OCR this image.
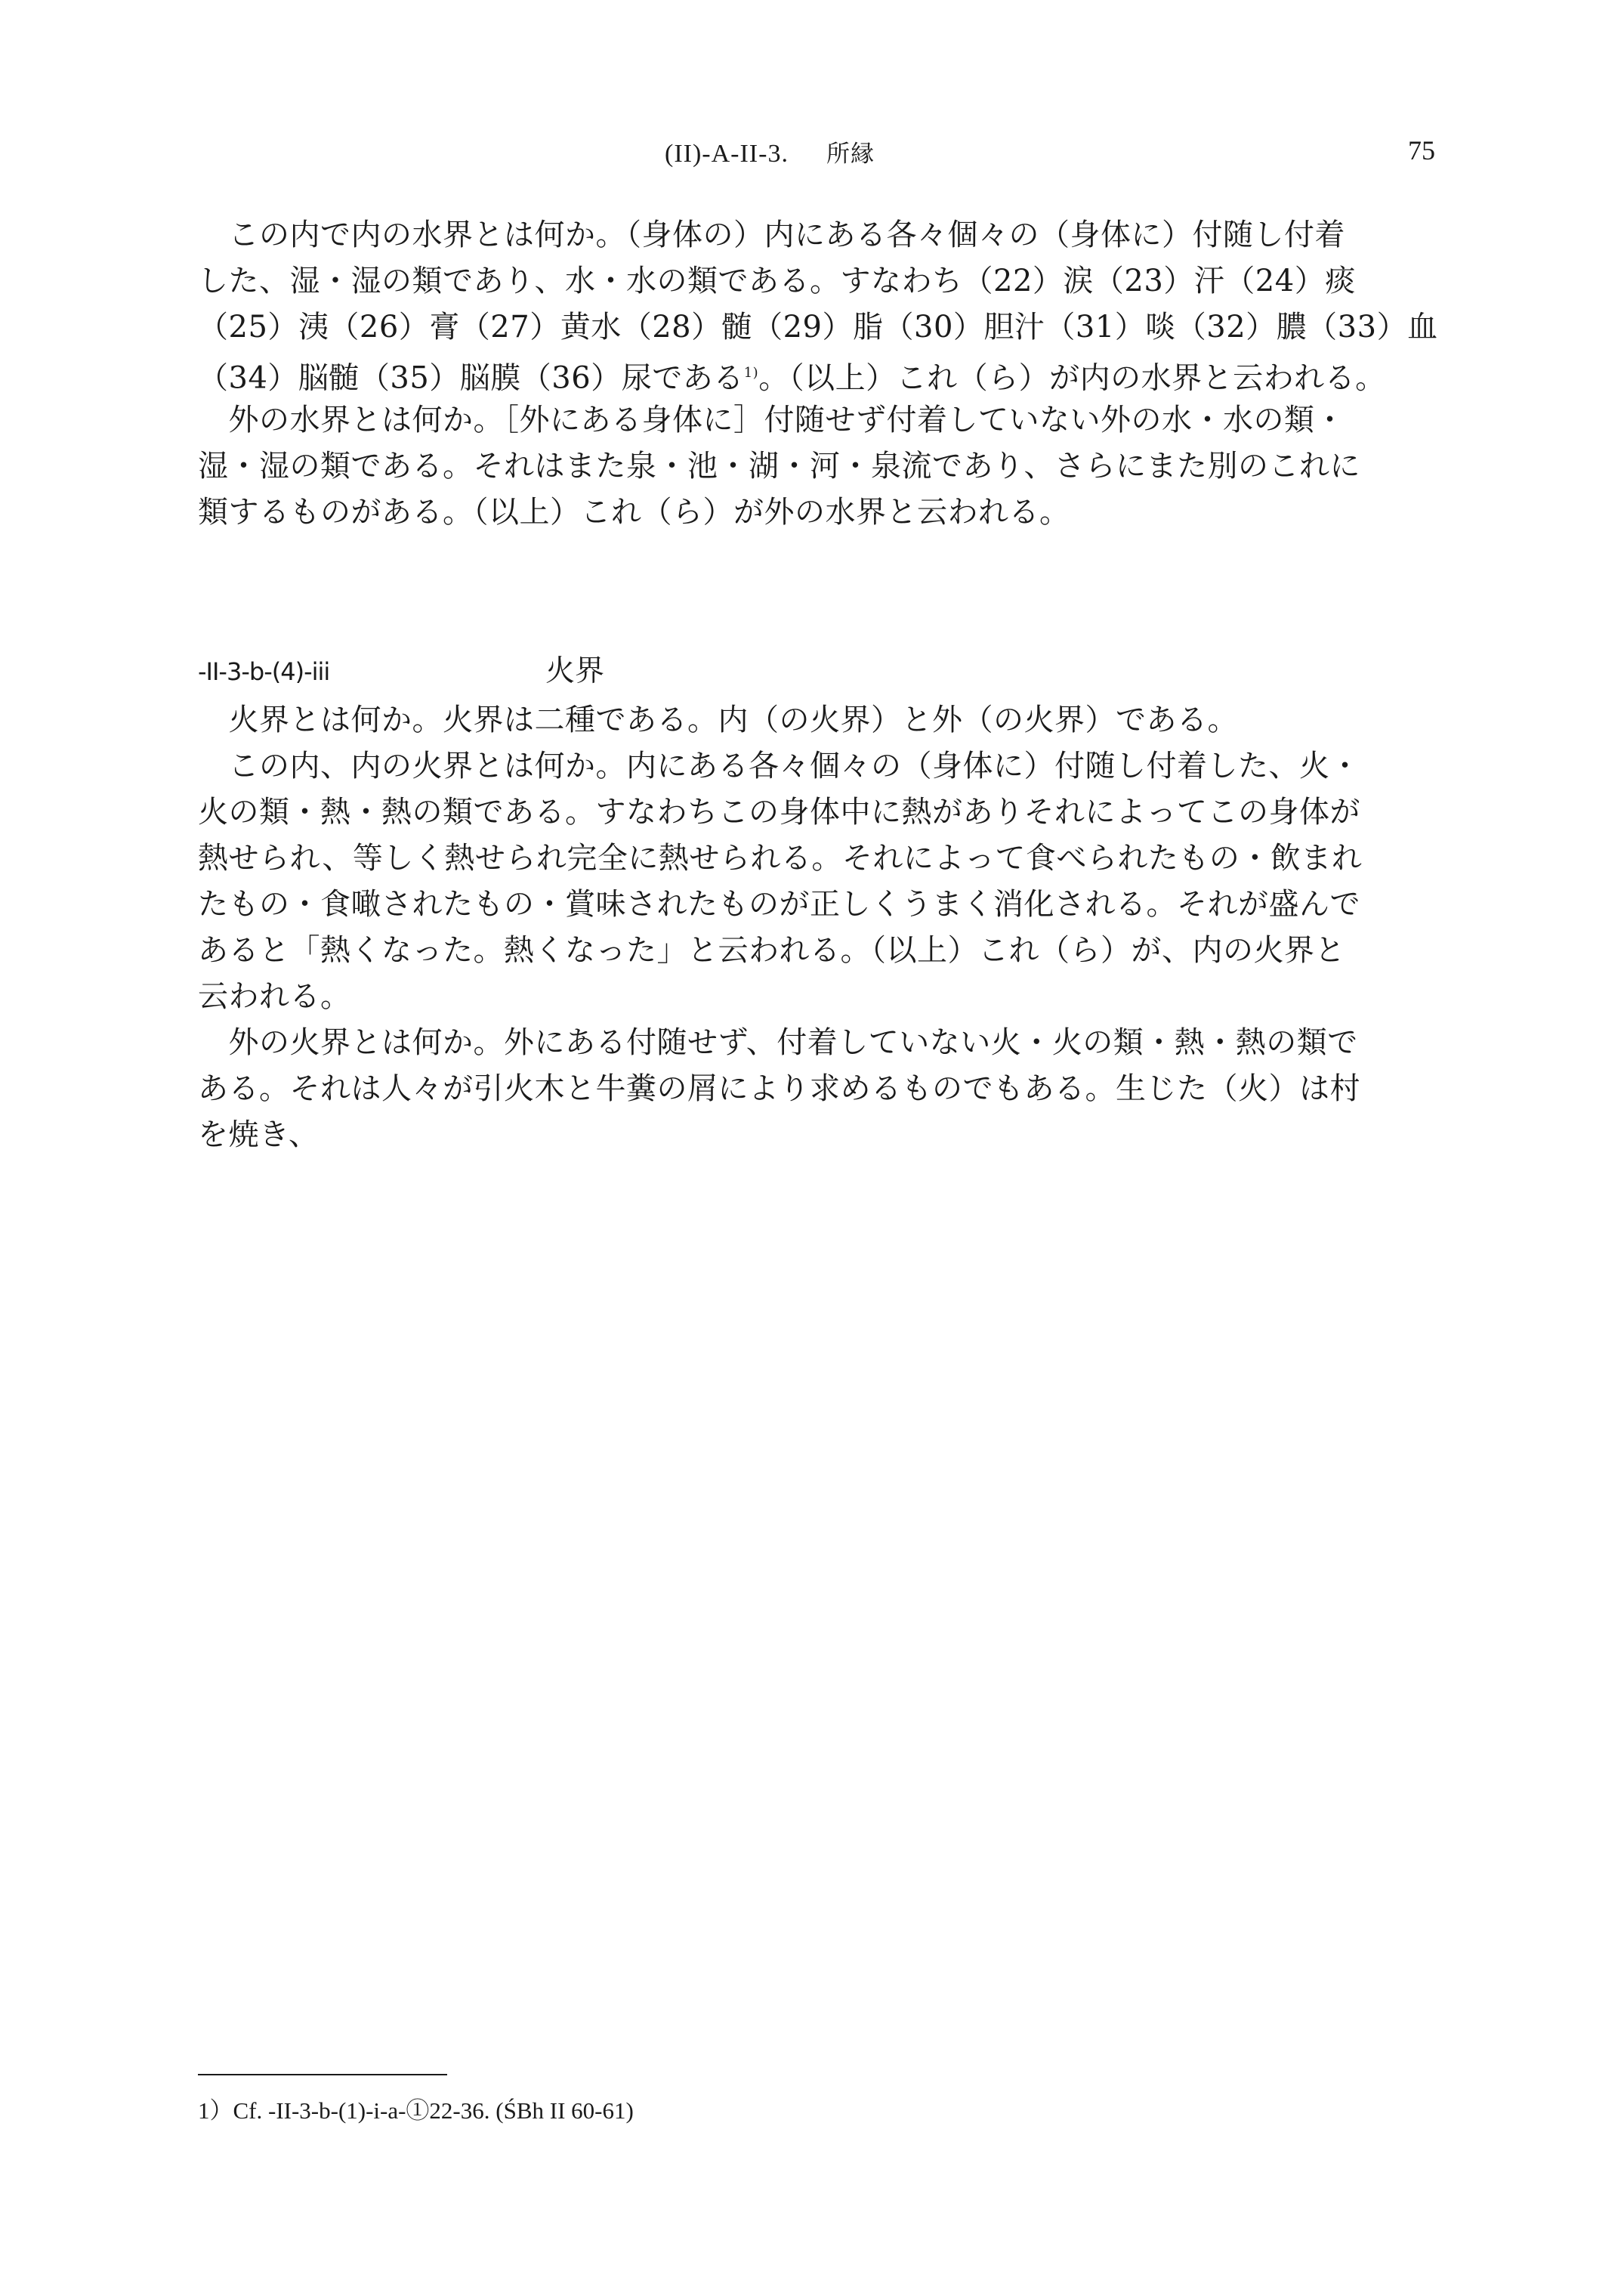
(II)-A-II-3. 所縁	75
　この内で内の水界とは何か。（身体の）内にある各々個々の（身体に）付随し付着
した、湿・湿の類であり、水・水の類である。すなわち（22）涙（23）汗（24）痰
（25）洟（26）膏（27）黄水（28）髄（29）脂（30）胆汁（31）啖（32）膿（33）血
（34）脳髄（35）脳膜（36）尿である$^{1)}$。（以上）これ（ら）が内の水界と云われる。
　外の水界とは何か。［外にある身体に］付随せず付着していない外の水・水の類・
湿・湿の類である。それはまた泉・池・湖・河・泉流であり、さらにまた別のこれに
類するものがある。（以上）これ（ら）が外の水界と云われる。
-II-3-b-(4)-iii	火界
　火界とは何か。火界は二種である。内（の火界）と外（の火界）である。
　この内、内の火界とは何か。内にある各々個々の（身体に）付随し付着した、火・
火の類・熱・熱の類である。すなわちこの身体中に熱がありそれによってこの身体が
熱せられ、等しく熱せられ完全に熱せられる。それによって食べられたもの・飲まれ
たもの・食噉されたもの・賞味されたものが正しくうまく消化される。それが盛んで
あると「熱くなった。熱くなった」と云われる。（以上）これ（ら）が、内の火界と
云われる。
　外の火界とは何か。外にある付随せず、付着していない火・火の類・熱・熱の類で
ある。それは人々が引火木と牛糞の屑により求めるものでもある。生じた（火）は村
を焼き、
1）Cf. -II-3-b-(1)-i-a-①22-36. (ŚBh II 60-61)
